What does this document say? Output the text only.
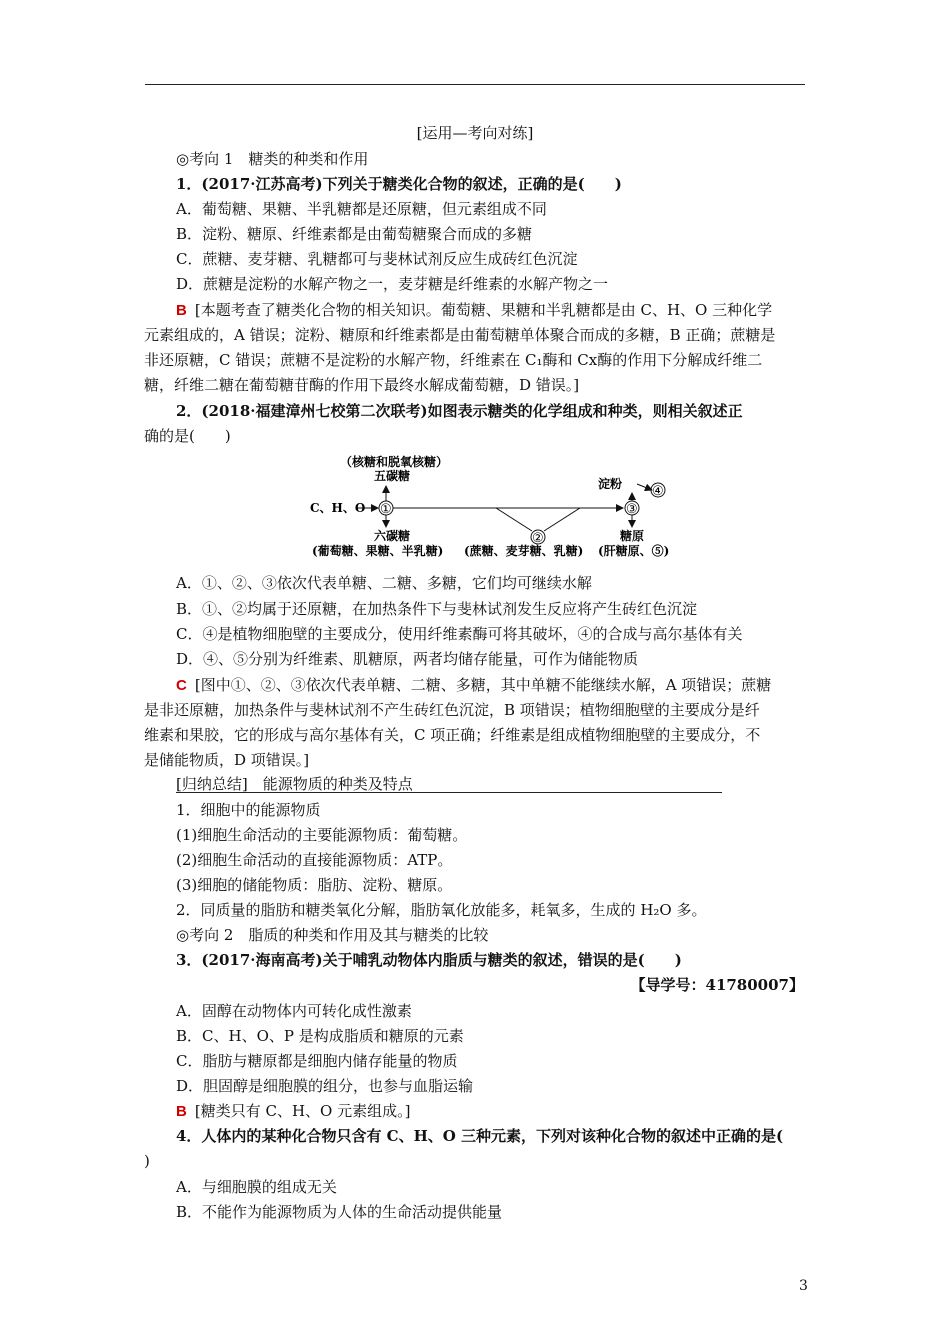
[运用—考向对练]
◎考向 1　糖类的种类和作用
1．(2017·江苏高考)下列关于糖类化合物的叙述，正确的是(　　)
A．葡萄糖、果糖、半乳糖都是还原糖，但元素组成不同
B．淀粉、糖原、纤维素都是由葡萄糖聚合而成的多糖
C．蔗糖、麦芽糖、乳糖都可与斐林试剂反应生成砖红色沉淀
D．蔗糖是淀粉的水解产物之一，麦芽糖是纤维素的水解产物之一
B [本题考查了糖类化合物的相关知识。葡萄糖、果糖和半乳糖都是由 C、H、O 三种化学
元素组成的，A 错误；淀粉、糖原和纤维素都是由葡萄糖单体聚合而成的多糖，B 正确；蔗糖是
非还原糖，C 错误；蔗糖不是淀粉的水解产物，纤维素在 C₁酶和 Cx酶的作用下分解成纤维二
糖，纤维二糖在葡萄糖苷酶的作用下最终水解成葡萄糖，D 错误。]
2．(2018·福建漳州七校第二次联考)如图表示糖类的化学组成和种类，则相关叙述正
确的是(　　)
（核糖和脱氧核糖）
五碳糖
C、H、O ①
六碳糖
(葡萄糖、果糖、半乳糖)
②
(蔗糖、麦芽糖、乳糖)
③
淀粉 ④
糖原
(肝糖原、⑤)
A．①、②、③依次代表单糖、二糖、多糖，它们均可继续水解
B．①、②均属于还原糖，在加热条件下与斐林试剂发生反应将产生砖红色沉淀
C．④是植物细胞壁的主要成分，使用纤维素酶可将其破坏，④的合成与高尔基体有关
D．④、⑤分别为纤维素、肌糖原，两者均储存能量，可作为储能物质
C [图中①、②、③依次代表单糖、二糖、多糖，其中单糖不能继续水解，A 项错误；蔗糖
是非还原糖，加热条件与斐林试剂不产生砖红色沉淀，B 项错误；植物细胞壁的主要成分是纤
维素和果胶，它的形成与高尔基体有关，C 项正确；纤维素是组成植物细胞壁的主要成分，不
是储能物质，D 项错误。]
[归纳总结]　能源物质的种类及特点
1．细胞中的能源物质
(1)细胞生命活动的主要能源物质：葡萄糖。
(2)细胞生命活动的直接能源物质：ATP。
(3)细胞的储能物质：脂肪、淀粉、糖原。
2．同质量的脂肪和糖类氧化分解，脂肪氧化放能多，耗氧多，生成的 H₂O 多。
◎考向 2　脂质的种类和作用及其与糖类的比较
3．(2017·海南高考)关于哺乳动物体内脂质与糖类的叙述，错误的是(　　)
【导学号：41780007】
A．固醇在动物体内可转化成性激素
B．C、H、O、P 是构成脂质和糖原的元素
C．脂肪与糖原都是细胞内储存能量的物质
D．胆固醇是细胞膜的组分，也参与血脂运输
B [糖类只有 C、H、O 元素组成。]
4．人体内的某种化合物只含有 C、H、O 三种元素，下列对该种化合物的叙述中正确的是(
)
A．与细胞膜的组成无关
B．不能作为能源物质为人体的生命活动提供能量
3
